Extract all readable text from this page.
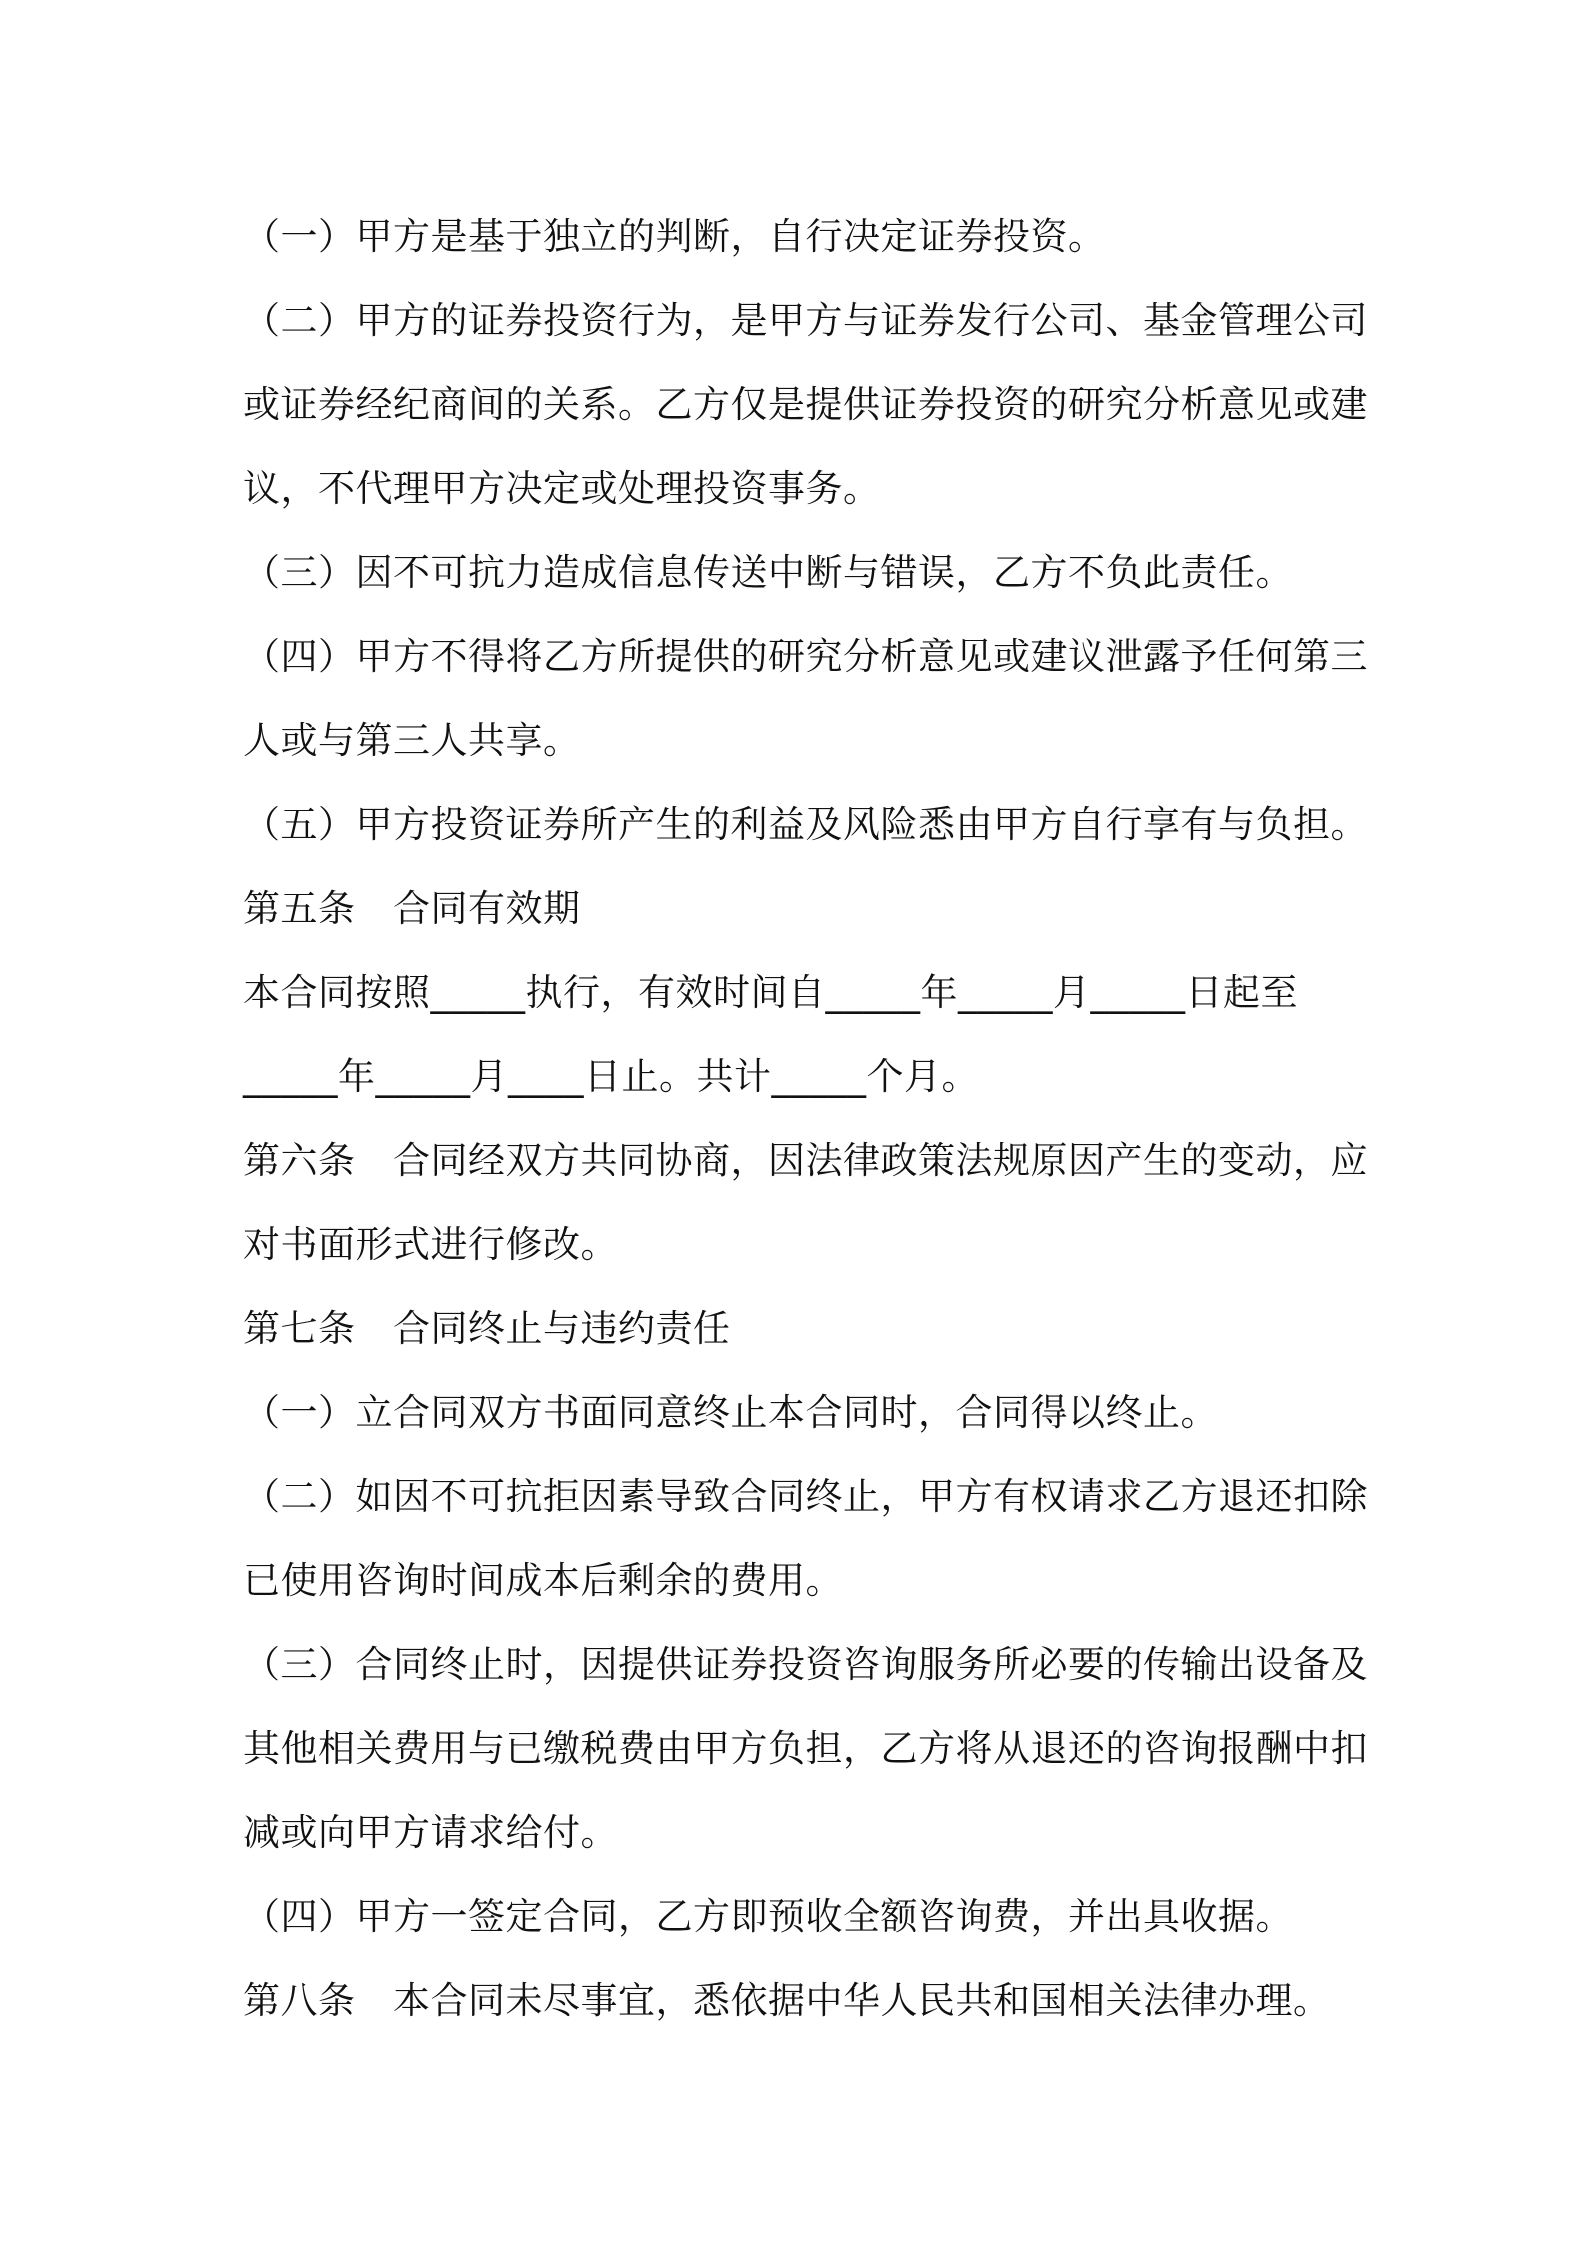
（一）甲方是基于独立的判断，自行决定证券投资。
（二）甲方的证券投资行为，是甲方与证券发行公司、基金管理公司
或证券经纪商间的关系。乙方仅是提供证券投资的研究分析意见或建
议，不代理甲方决定或处理投资事务。
（三）因不可抗力造成信息传送中断与错误，乙方不负此责任。
（四）甲方不得将乙方所提供的研究分析意见或建议泄露予任何第三
人或与第三人共享。
（五）甲方投资证券所产生的利益及风险悉由甲方自行享有与负担。
第五条　合同有效期
本合同按照_____执行，有效时间自_____年_____月_____日起至
_____年_____月____日止。共计_____个月。
第六条　合同经双方共同协商，因法律政策法规原因产生的变动，应
对书面形式进行修改。
第七条　合同终止与违约责任
（一）立合同双方书面同意终止本合同时，合同得以终止。
（二）如因不可抗拒因素导致合同终止，甲方有权请求乙方退还扣除
已使用咨询时间成本后剩余的费用。
（三）合同终止时，因提供证券投资咨询服务所必要的传输出设备及
其他相关费用与已缴税费由甲方负担，乙方将从退还的咨询报酬中扣
减或向甲方请求给付。
（四）甲方一签定合同，乙方即预收全额咨询费，并出具收据。
第八条　本合同未尽事宜，悉依据中华人民共和国相关法律办理。
